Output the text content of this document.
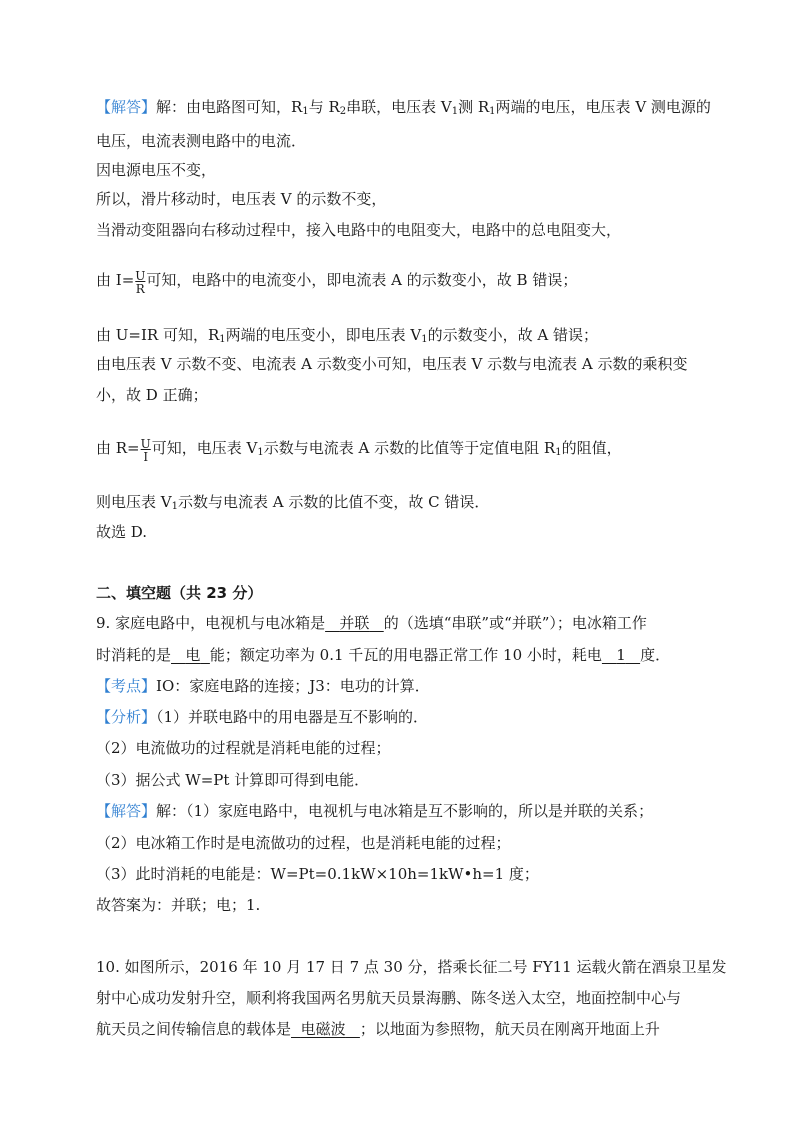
【解答】解：由电路图可知，$R_1$与 $R_2$串联，电压表 $V_1$测 $R_1$两端的电压，电压表 V 测电源的
电压，电流表测电路中的电流．
因电源电压不变，
所以，滑片移动时，电压表 V 的示数不变，
当滑动变阻器向右移动过程中，接入电路中的电阻变大，电路中的总电阻变大，
由 $I= \frac{U}{R}$ 可知，电路中的电流变小，即电流表 A 的示数变小，故 B 错误；
由 U=IR 可知，$R_1$两端的电压变小，即电压表 $V_1$的示数变小，故 A 错误；
由电压表 V 示数不变、电流表 A 示数变小可知，电压表 V 示数与电流表 A 示数的乘积变
小，故 D 正确；
由 $R= \frac{U}{I}$ 可知，电压表 $V_1$示数与电流表 A 示数的比值等于定值电阻 $R_1$的阻值，
则电压表 $V_1$示数与电流表 A 示数的比值不变，故 C 错误．
故选 D.
二、填空题（共 23 分）
9. 家庭电路中，电视机与电冰箱是 并联 的（选填“串联”或“并联”）；电冰箱工作
时消耗的是 电 能；额定功率为 0.1 千瓦的用电器正常工作 10 小时，耗电 1 度．
【考点】IO：家庭电路的连接；J3：电功的计算．
【分析】（1）并联电路中的用电器是互不影响的．
（2）电流做功的过程就是消耗电能的过程；
（3）据公式 W=Pt 计算即可得到电能．
【解答】解：（1）家庭电路中，电视机与电冰箱是互不影响的，所以是并联的关系；
（2）电冰箱工作时是电流做功的过程，也是消耗电能的过程；
（3）此时消耗的电能是：W=Pt=0.1kW×10h=1kW•h=1 度；
故答案为：并联；电；1.
10. 如图所示，2016 年 10 月 17 日 7 点 30 分，搭乘长征二号 FY11 运载火箭在酒泉卫星发
射中心成功发射升空，顺利将我国两名男航天员景海鹏、陈冬送入太空，地面控制中心与
航天员之间传输信息的载体是 电磁波 ；以地面为参照物，航天员在刚离开地面上升
